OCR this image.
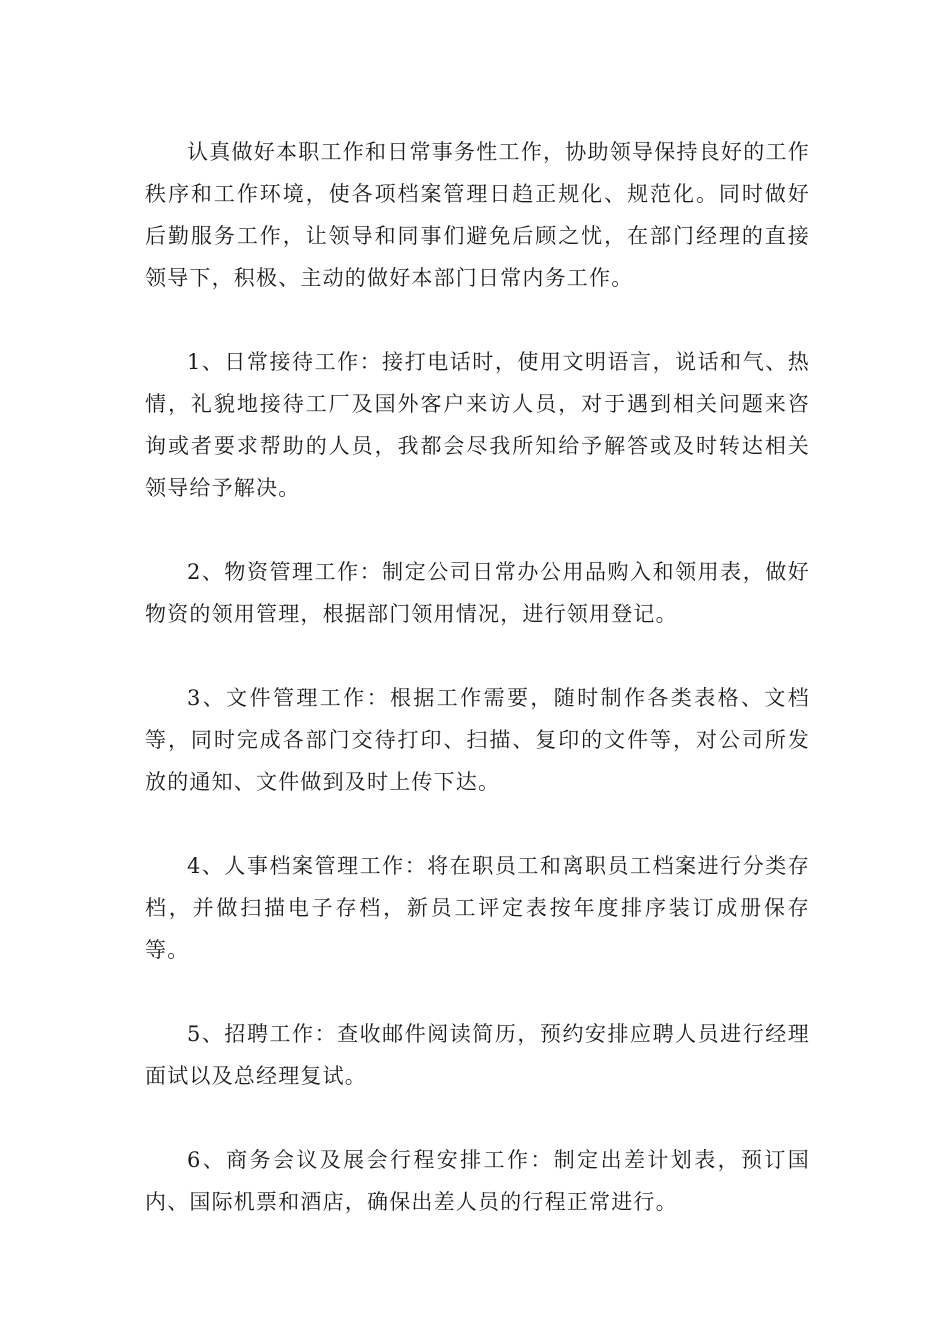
认真做好本职工作和日常事务性工作，协助领导保持良好的工作秩序和工作环境，使各项档案管理日趋正规化、规范化。同时做好后勤服务工作，让领导和同事们避免后顾之忧，在部门经理的直接领导下，积极、主动的做好本部门日常内务工作。

1、日常接待工作：接打电话时，使用文明语言，说话和气、热情，礼貌地接待工厂及国外客户来访人员，对于遇到相关问题来咨询或者要求帮助的人员，我都会尽我所知给予解答或及时转达相关领导给予解决。

2、物资管理工作：制定公司日常办公用品购入和领用表，做好物资的领用管理，根据部门领用情况，进行领用登记。

3、文件管理工作：根据工作需要，随时制作各类表格、文档等，同时完成各部门交待打印、扫描、复印的文件等，对公司所发放的通知、文件做到及时上传下达。

4、人事档案管理工作：将在职员工和离职员工档案进行分类存档，并做扫描电子存档，新员工评定表按年度排序装订成册保存等。

5、招聘工作：查收邮件阅读简历，预约安排应聘人员进行经理面试以及总经理复试。

6、商务会议及展会行程安排工作：制定出差计划表，预订国内、国际机票和酒店，确保出差人员的行程正常进行。
